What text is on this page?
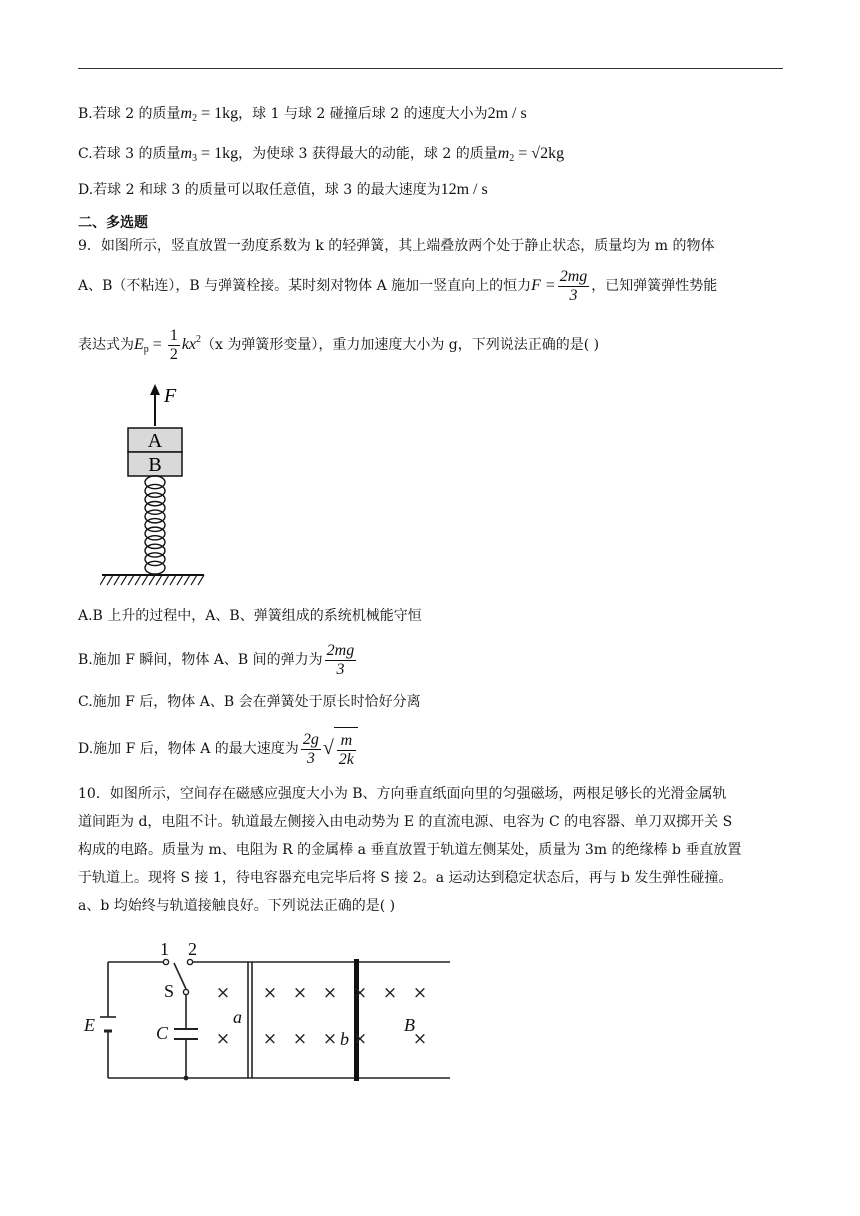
B.若球 2 的质量$m_2 = 1kg$，球 1 与球 2 碰撞后球 2 的速度大小为2m / s
C.若球 3 的质量$m_3 = 1kg$，为使球 3 获得最大的动能，球 2 的质量$m_2 = √2kg$
D.若球 2 和球 3 的质量可以取任意值，球 3 的最大速度为12m / s
二、多选题
9．如图所示，竖直放置一劲度系数为 k 的轻弹簧，其上端叠放两个处于静止状态，质量均为 m 的物体
A、B（不粘连），B 与弹簧栓接。某时刻对物体 A 施加一竖直向上的恒力$F = \frac{2mg}{3}$ ，已知弹簧弹性势能
表达式为$E_p = \frac{1}{2} kx^2(x$ 为弹簧形变量），重力加速度大小为 g，下列说法正确的是( )
F
A
B
A.B 上升的过程中，A、B、弹簧组成的系统机械能守恒
B.施加 F 瞬间，物体 A、B 间的弹力为 $\frac{2mg}{3}$
C.施加 F 后，物体 A、B 会在弹簧处于原长时恰好分离
D.施加 F 后，物体 A 的最大速度为 $\frac{2g}{3}$ √ $\frac{m}{2k}$
10．如图所示，空间存在磁感应强度大小为 B、方向垂直纸面向里的匀强磁场，两根足够长的光滑金属轨
道间距为 d，电阻不计。轨道最左侧接入由电动势为 E 的直流电源、电容为 C 的电容器、单刀双掷开关 S
构成的电路。质量为 m、电阻为 R 的金属棒 a 垂直放置于轨道左侧某处，质量为 3m 的绝缘棒 b 垂直放置
于轨道上。现将 S 接 1，待电容器充电完毕后将 S 接 2。a 运动达到稳定状态后，再与 b 发生弹性碰撞。
a、b 均始终与轨道接触良好。下列说法正确的是( )
1 2
S
E	C
a
b
B
× × × × × × ×
× × × × ×	×
